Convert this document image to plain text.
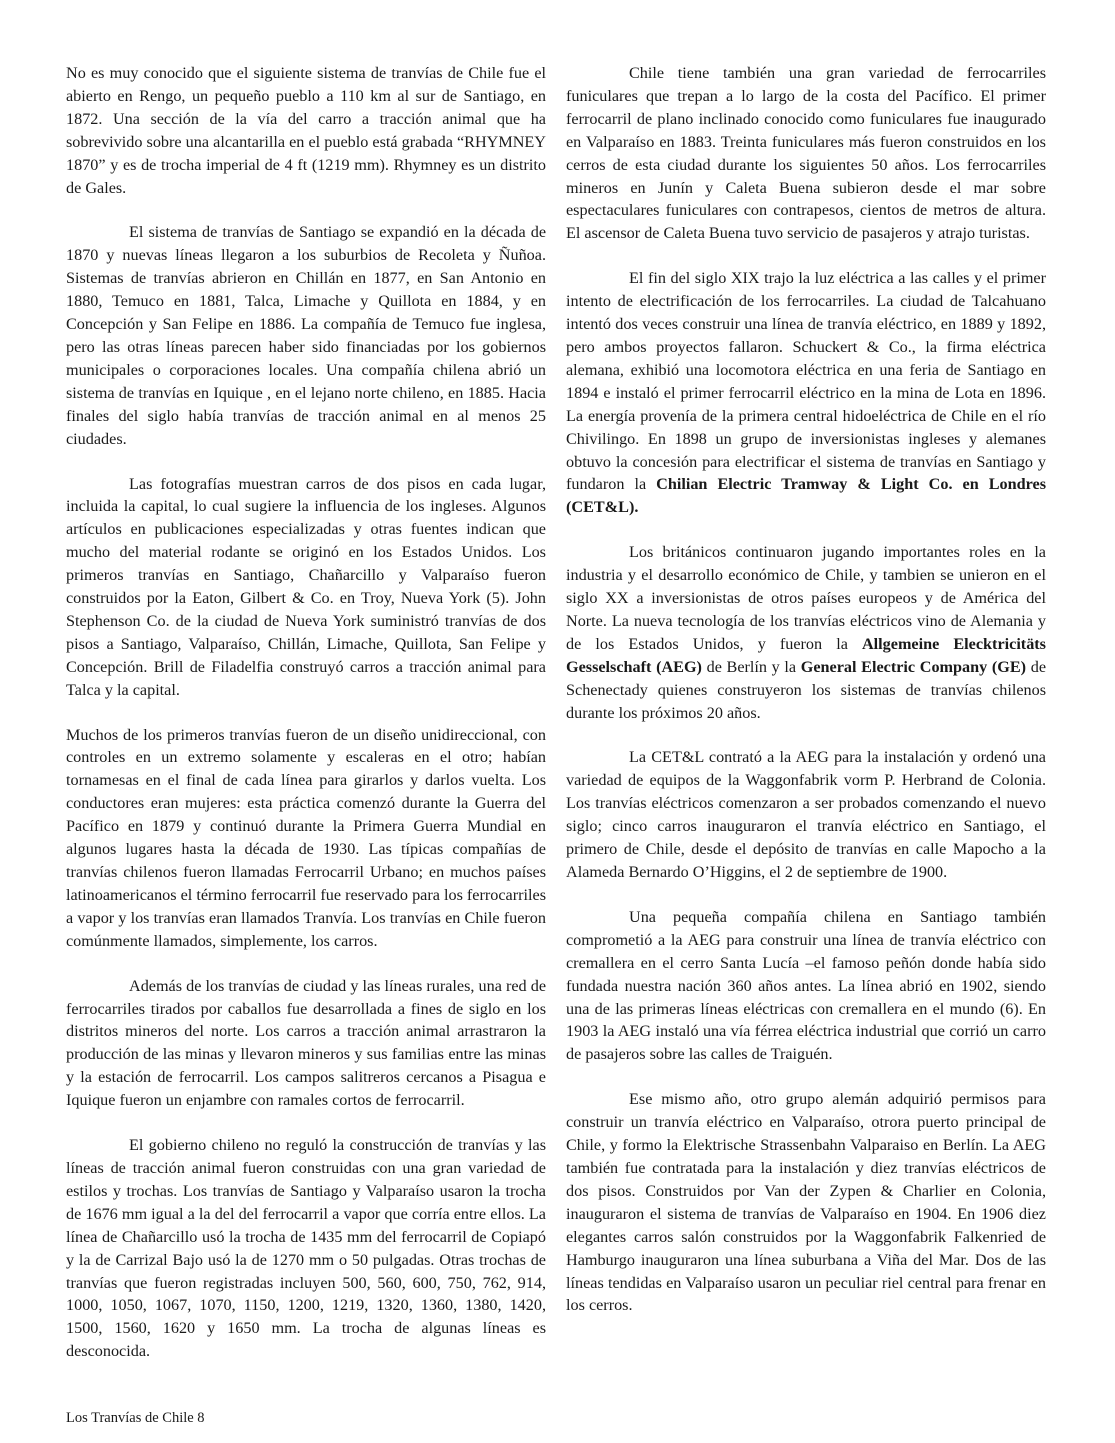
No es muy conocido que el siguiente sistema de tranvías de Chile fue el abierto en Rengo, un pequeño pueblo a 110 km al sur de Santiago, en 1872. Una sección de la vía del carro a tracción animal que ha sobrevivido sobre una alcantarilla en el pueblo está grabada “RHYMNEY 1870” y es de trocha imperial de 4 ft (1219 mm). Rhymney es un distrito de Gales.

El sistema de tranvías de Santiago se expandió en la década de 1870 y nuevas líneas llegaron a los suburbios de Recoleta y Ñuñoa. Sistemas de tranvías abrieron en Chillán en 1877, en San Antonio en 1880, Temuco en 1881, Talca, Limache y Quillota en 1884, y en Concepción y San Felipe en 1886. La compañía de Temuco fue inglesa, pero las otras líneas parecen haber sido financiadas por los gobiernos municipales o corporaciones locales. Una compañía chilena abrió un sistema de tranvías en Iquique , en el lejano norte chileno, en 1885. Hacia finales del siglo había tranvías de tracción animal en al menos 25 ciudades.

Las fotografías muestran carros de dos pisos en cada lugar, incluida la capital, lo cual sugiere la influencia de los ingleses. Algunos artículos en publicaciones especializadas y otras fuentes indican que mucho del material rodante se originó en los Estados Unidos. Los primeros tranvías en Santiago, Chañarcillo y Valparaíso fueron construidos por la Eaton, Gilbert & Co. en Troy, Nueva York (5). John Stephenson Co. de la ciudad de Nueva York suministró tranvías de dos pisos a Santiago, Valparaíso, Chillán, Limache, Quillota, San Felipe y Concepción. Brill de Filadelfia construyó carros a tracción animal para Talca y la capital.

Muchos de los primeros tranvías fueron de un diseño unidireccional, con controles en un extremo solamente y escaleras en el otro; habían tornamesas en el final de cada línea para girarlos y darlos vuelta. Los conductores eran mujeres: esta práctica comenzó durante la Guerra del Pacífico en 1879 y continuó durante la Primera Guerra Mundial en algunos lugares hasta la década de 1930. Las típicas compañías de tranvías chilenos fueron llamadas Ferrocarril Urbano; en muchos países latinoamericanos el término ferrocarril fue reservado para los ferrocarriles a vapor y los tranvías eran llamados Tranvía. Los tranvías en Chile fueron comúnmente llamados, simplemente, los carros.

Además de los tranvías de ciudad y las líneas rurales, una red de ferrocarriles tirados por caballos fue desarrollada a fines de siglo en los distritos mineros del norte. Los carros a tracción animal arrastraron la producción de las minas y llevaron mineros y sus familias entre las minas y la estación de ferrocarril. Los campos salitreros cercanos a Pisagua e Iquique fueron un enjambre con ramales cortos de ferrocarril.

El gobierno chileno no reguló la construcción de tranvías y las líneas de tracción animal fueron construidas con una gran variedad de estilos y trochas. Los tranvías de Santiago y Valparaíso usaron la trocha de 1676 mm igual a la del del ferrocarril a vapor que corría entre ellos. La línea de Chañarcillo usó la trocha de 1435 mm del ferrocarril de Copiapó y la de Carrizal Bajo usó la de 1270 mm o 50 pulgadas. Otras trochas de tranvías que fueron registradas incluyen 500, 560, 600, 750, 762, 914, 1000, 1050, 1067, 1070, 1150, 1200, 1219, 1320, 1360, 1380, 1420, 1500, 1560, 1620 y 1650 mm. La trocha de algunas líneas es desconocida.

Chile tiene también una gran variedad de ferrocarriles funiculares que trepan a lo largo de la costa del Pacífico. El primer ferrocarril de plano inclinado conocido como funiculares fue inaugurado en Valparaíso en 1883. Treinta funiculares más fueron construidos en los cerros de esta ciudad durante los siguientes 50 años. Los ferrocarriles mineros en Junín y Caleta Buena subieron desde el mar sobre espectaculares funiculares con contrapesos, cientos de metros de altura. El ascensor de Caleta Buena tuvo servicio de pasajeros y atrajo turistas.

El fin del siglo XIX trajo la luz eléctrica a las calles y el primer intento de electrificación de los ferrocarriles. La ciudad de Talcahuano intentó dos veces construir una línea de tranvía eléctrico, en 1889 y 1892, pero ambos proyectos fallaron. Schuckert & Co., la firma eléctrica alemana, exhibió una locomotora eléctrica en una feria de Santiago en 1894 e instaló el primer ferrocarril eléctrico en la mina de Lota en 1896. La energía provenía de la primera central hidoeléctrica de Chile en el río Chivilingo. En 1898 un grupo de inversionistas ingleses y alemanes obtuvo la concesión para electrificar el sistema de tranvías en Santiago y fundaron la Chilian Electric Tramway & Light Co. en Londres (CET&L).

Los británicos continuaron jugando importantes roles en la industria y el desarrollo económico de Chile, y tambien se unieron en el siglo XX a inversionistas de otros países europeos y de América del Norte. La nueva tecnología de los tranvías eléctricos vino de Alemania y de los Estados Unidos, y fueron la Allgemeine Elecktricitäts Gesselschaft (AEG) de Berlín y la General Electric Company (GE) de Schenectady quienes construyeron los sistemas de tranvías chilenos durante los próximos 20 años.

La CET&L contrató a la AEG para la instalación y ordenó una variedad de equipos de la Waggonfabrik vorm P. Herbrand de Colonia. Los tranvías eléctricos comenzaron a ser probados comenzando el nuevo siglo; cinco carros inauguraron el tranvía eléctrico en Santiago, el primero de Chile, desde el depósito de tranvías en calle Mapocho a la Alameda Bernardo O’Higgins, el 2 de septiembre de 1900.

Una pequeña compañía chilena en Santiago también comprometió a la AEG para construir una línea de tranvía eléctrico con cremallera en el cerro Santa Lucía –el famoso peñón donde había sido fundada nuestra nación 360 años antes. La línea abrió en 1902, siendo una de las primeras líneas eléctricas con cremallera en el mundo (6). En 1903 la AEG instaló una vía férrea eléctrica industrial que corrió un carro de pasajeros sobre las calles de Traiguén.

Ese mismo año, otro grupo alemán adquirió permisos para construir un tranvía eléctrico en Valparaíso, otrora puerto principal de Chile, y formo la Elektrische Strassenbahn Valparaiso en Berlín. La AEG también fue contratada para la instalación y diez tranvías eléctricos de dos pisos. Construidos por Van der Zypen & Charlier en Colonia, inauguraron el sistema de tranvías de Valparaíso en 1904. En 1906 diez elegantes carros salón construidos por la Waggonfabrik Falkenried de Hamburgo inauguraron una línea suburbana a Viña del Mar. Dos de las líneas tendidas en Valparaíso usaron un peculiar riel central para frenar en los cerros.

Los Tranvías de Chile 8
